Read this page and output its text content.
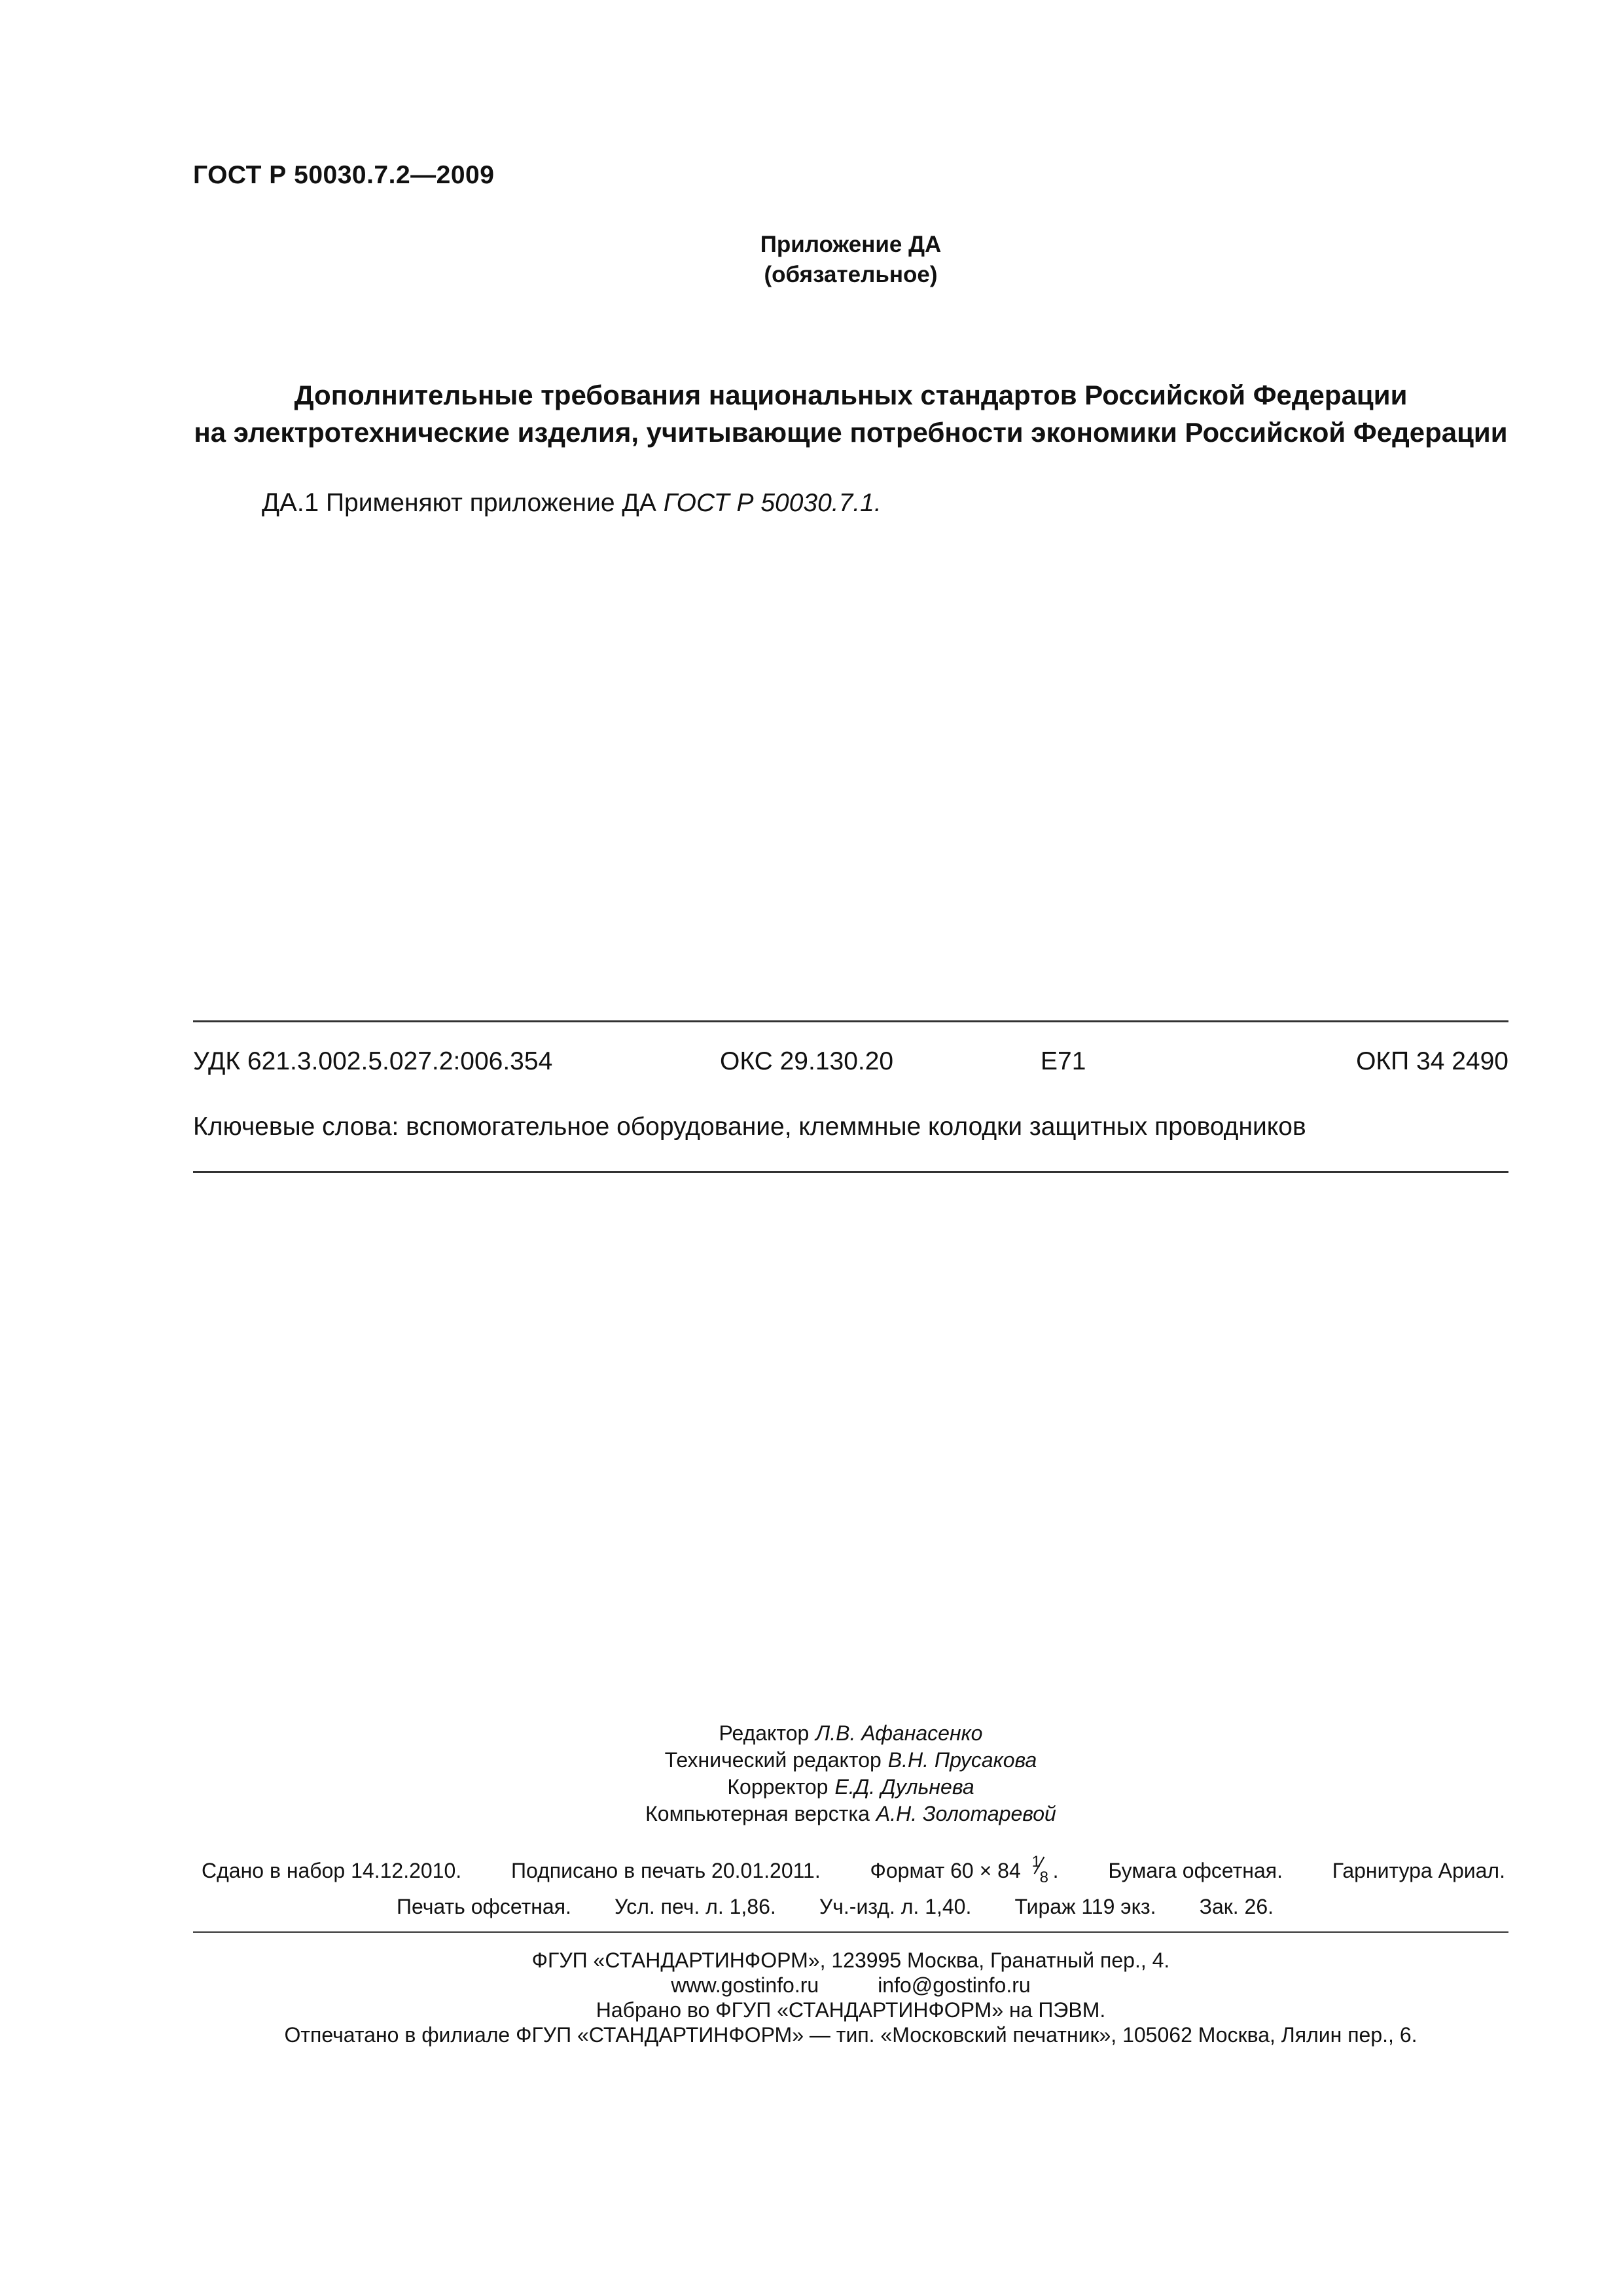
ГОСТ Р 50030.7.2—2009
Приложение ДА
(обязательное)
Дополнительные требования национальных стандартов Российской Федерации
на электротехнические изделия, учитывающие потребности экономики Российской Федерации
ДА.1 Применяют приложение ДА ГОСТ Р 50030.7.1.
УДК 621.3.002.5.027.2:006.354	ОКС 29.130.20	Е71	ОКП 34 2490
Ключевые слова: вспомогательное оборудование, клеммные колодки защитных проводников
Редактор Л.В. Афанасенко
Технический редактор В.Н. Прусакова
Корректор Е.Д. Дульнева
Компьютерная верстка А.Н. Золотаревой
Сдано в набор 14.12.2010. Подписано в печать 20.01.2011. Формат 60 × 84 1
8 . Бумага офсетная. Гарнитура Ариал.
Печать офсетная. Усл. печ. л. 1,86. Уч.-изд. л. 1,40. Тираж 119 экз. Зак. 26.
ФГУП «СТАНДАРТИНФОРМ», 123995 Москва, Гранатный пер., 4.
www.gostinfo.ru	info@gostinfo.ru
Набрано во ФГУП «СТАНДАРТИНФОРМ» на ПЭВМ.
Отпечатано в филиале ФГУП «СТАНДАРТИНФОРМ» — тип. «Московский печатник», 105062 Москва, Лялин пер., 6.
